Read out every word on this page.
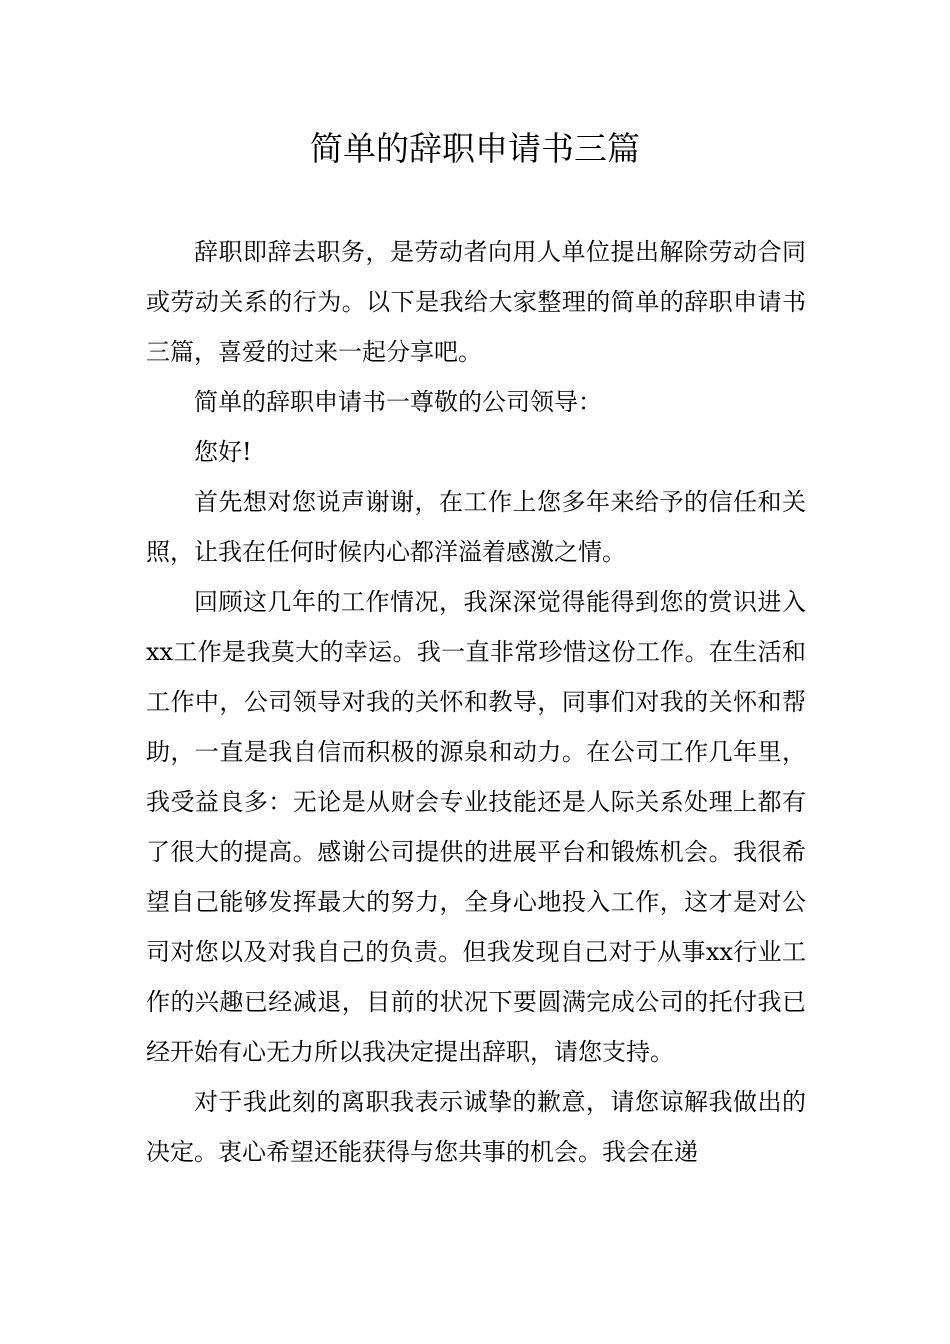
简单的辞职申请书三篇

辞职即辞去职务，是劳动者向用人单位提出解除劳动合同或劳动关系的行为。以下是我给大家整理的简单的辞职申请书三篇，喜爱的过来一起分享吧。

简单的辞职申请书一尊敬的公司领导：

您好!

首先想对您说声谢谢，在工作上您多年来给予的信任和关照，让我在任何时候内心都洋溢着感激之情。

回顾这几年的工作情况，我深深觉得能得到您的赏识进入xx工作是我莫大的幸运。我一直非常珍惜这份工作。在生活和工作中，公司领导对我的关怀和教导，同事们对我的关怀和帮助，一直是我自信而积极的源泉和动力。在公司工作几年里，我受益良多：无论是从财会专业技能还是人际关系处理上都有了很大的提高。感谢公司提供的进展平台和锻炼机会。我很希望自己能够发挥最大的努力，全身心地投入工作，这才是对公司对您以及对我自己的负责。但我发现自己对于从事xx行业工作的兴趣已经减退，目前的状况下要圆满完成公司的托付我已经开始有心无力所以我决定提出辞职，请您支持。

对于我此刻的离职我表示诚挚的歉意，请您谅解我做出的决定。衷心希望还能获得与您共事的机会。我会在递
